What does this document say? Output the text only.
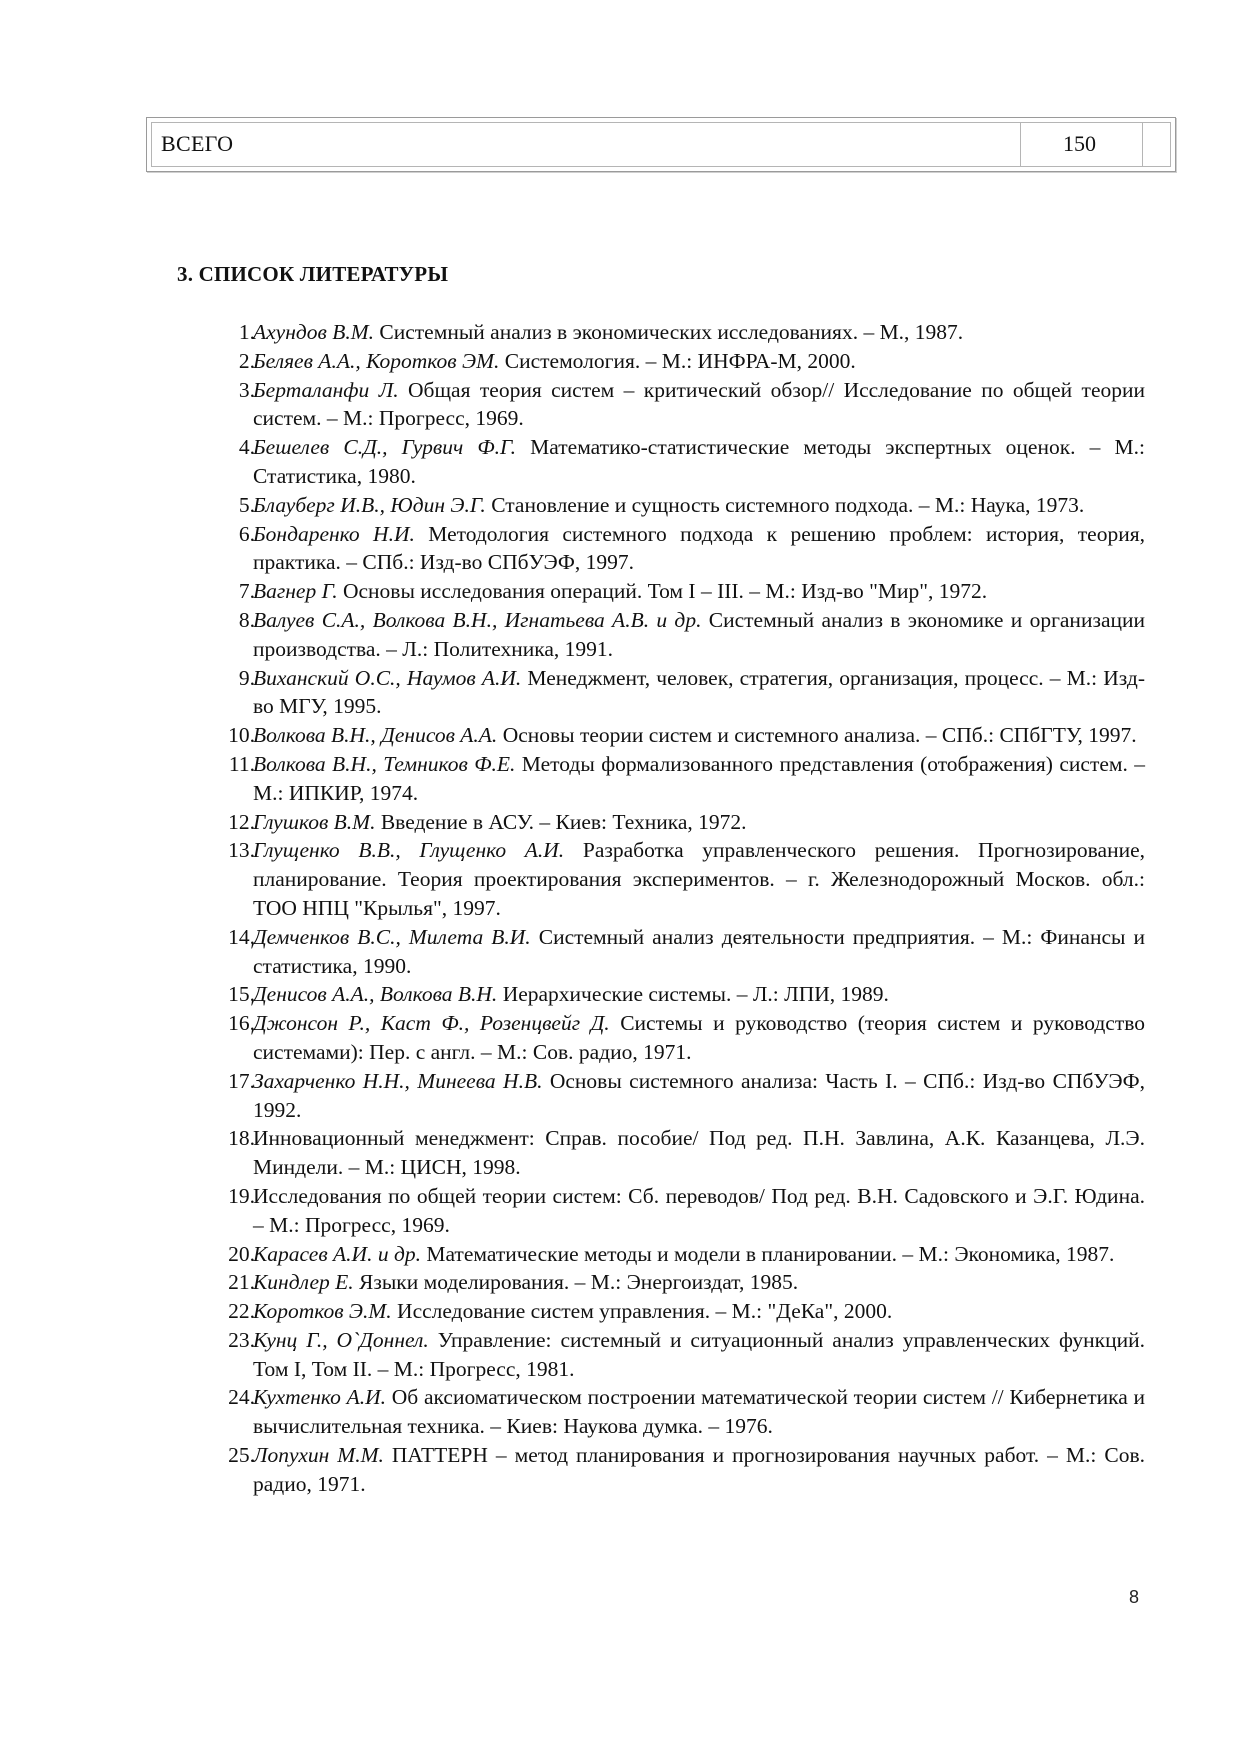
ВСЕГО	150
3. СПИСОК ЛИТЕРАТУРЫ
1.
Ахундов В.М. Системный анализ в экономических исследованиях. – М., 1987.
2.
Беляев А.А., Коротков ЭМ. Системология. – М.: ИНФРА-М, 2000.
3.
Берталанфи Л. Общая теория систем – критический обзор// Исследование по общей теории систем. – М.: Прогресс, 1969.
4.
Бешелев С.Д., Гурвич Ф.Г. Математико-статистические методы экспертных оценок. – М.: Статистика, 1980.
5.
Блауберг И.В., Юдин Э.Г. Становление и сущность системного подхода. – М.: Наука, 1973.
6.
Бондаренко Н.И. Методология системного подхода к решению проблем: история, теория, практика. – СПб.: Изд-во СПбУЭФ, 1997.
7.
Вагнер Г. Основы исследования операций. Том I – III. – М.: Изд-во "Мир", 1972.
8.
Валуев С.А., Волкова В.Н., Игнатьева А.В. и др. Системный анализ в экономике и организации производства. – Л.: Политехника, 1991.
9.
Виханский О.С., Наумов А.И. Менеджмент, человек, стратегия, организация, процесс. – М.: Изд-во МГУ, 1995.
10.
Волкова В.Н., Денисов А.А. Основы теории систем и системного анализа. – СПб.: СПбГТУ, 1997.
11.
Волкова В.Н., Темников Ф.Е. Методы формализованного представления (отображения) систем. – М.: ИПКИР, 1974.
12.
Глушков В.М. Введение в АСУ. – Киев: Техника, 1972.
13.
Глущенко В.В., Глущенко А.И. Разработка управленческого решения. Прогнозирование, планирование. Теория проектирования экспериментов. – г. Железнодорожный Москов. обл.: ТОО НПЦ "Крылья", 1997.
14.
Демченков В.С., Милета В.И. Системный анализ деятельности предприятия. – М.: Финансы и статистика, 1990.
15.
Денисов А.А., Волкова В.Н. Иерархические системы. – Л.: ЛПИ, 1989.
16.
Джонсон Р., Каст Ф., Розенцвейг Д. Системы и руководство (теория систем и руководство системами): Пер. с англ. – М.: Сов. радио, 1971.
17.
Захарченко Н.Н., Минеева Н.В. Основы системного анализа: Часть I. – СПб.: Изд-во СПбУЭФ, 1992.
18.
Инновационный менеджмент: Справ. пособие/ Под ред. П.Н. Завлина, А.К. Казанцева, Л.Э. Миндели. – М.: ЦИСН, 1998.
19.
Исследования по общей теории систем: Сб. переводов/ Под ред. В.Н. Садовского и Э.Г. Юдина. – М.: Прогресс, 1969.
20.
Карасев А.И. и др. Математические методы и модели в планировании. – М.: Экономика, 1987.
21.
Киндлер Е. Языки моделирования. – М.: Энергоиздат, 1985.
22.
Коротков Э.М. Исследование систем управления. – М.: "ДеКа", 2000.
23.
Кунц Г., О`Доннел. Управление: системный и ситуационный анализ управленческих функций. Том I, Том II. – М.: Прогресс, 1981.
24.
Кухтенко А.И. Об аксиоматическом построении математической теории систем // Кибернетика и вычислительная техника. – Киев: Наукова думка. – 1976.
25.
Лопухин М.М. ПАТТЕРН – метод планирования и прогнозирования научных работ. – М.: Сов. радио, 1971.
8
